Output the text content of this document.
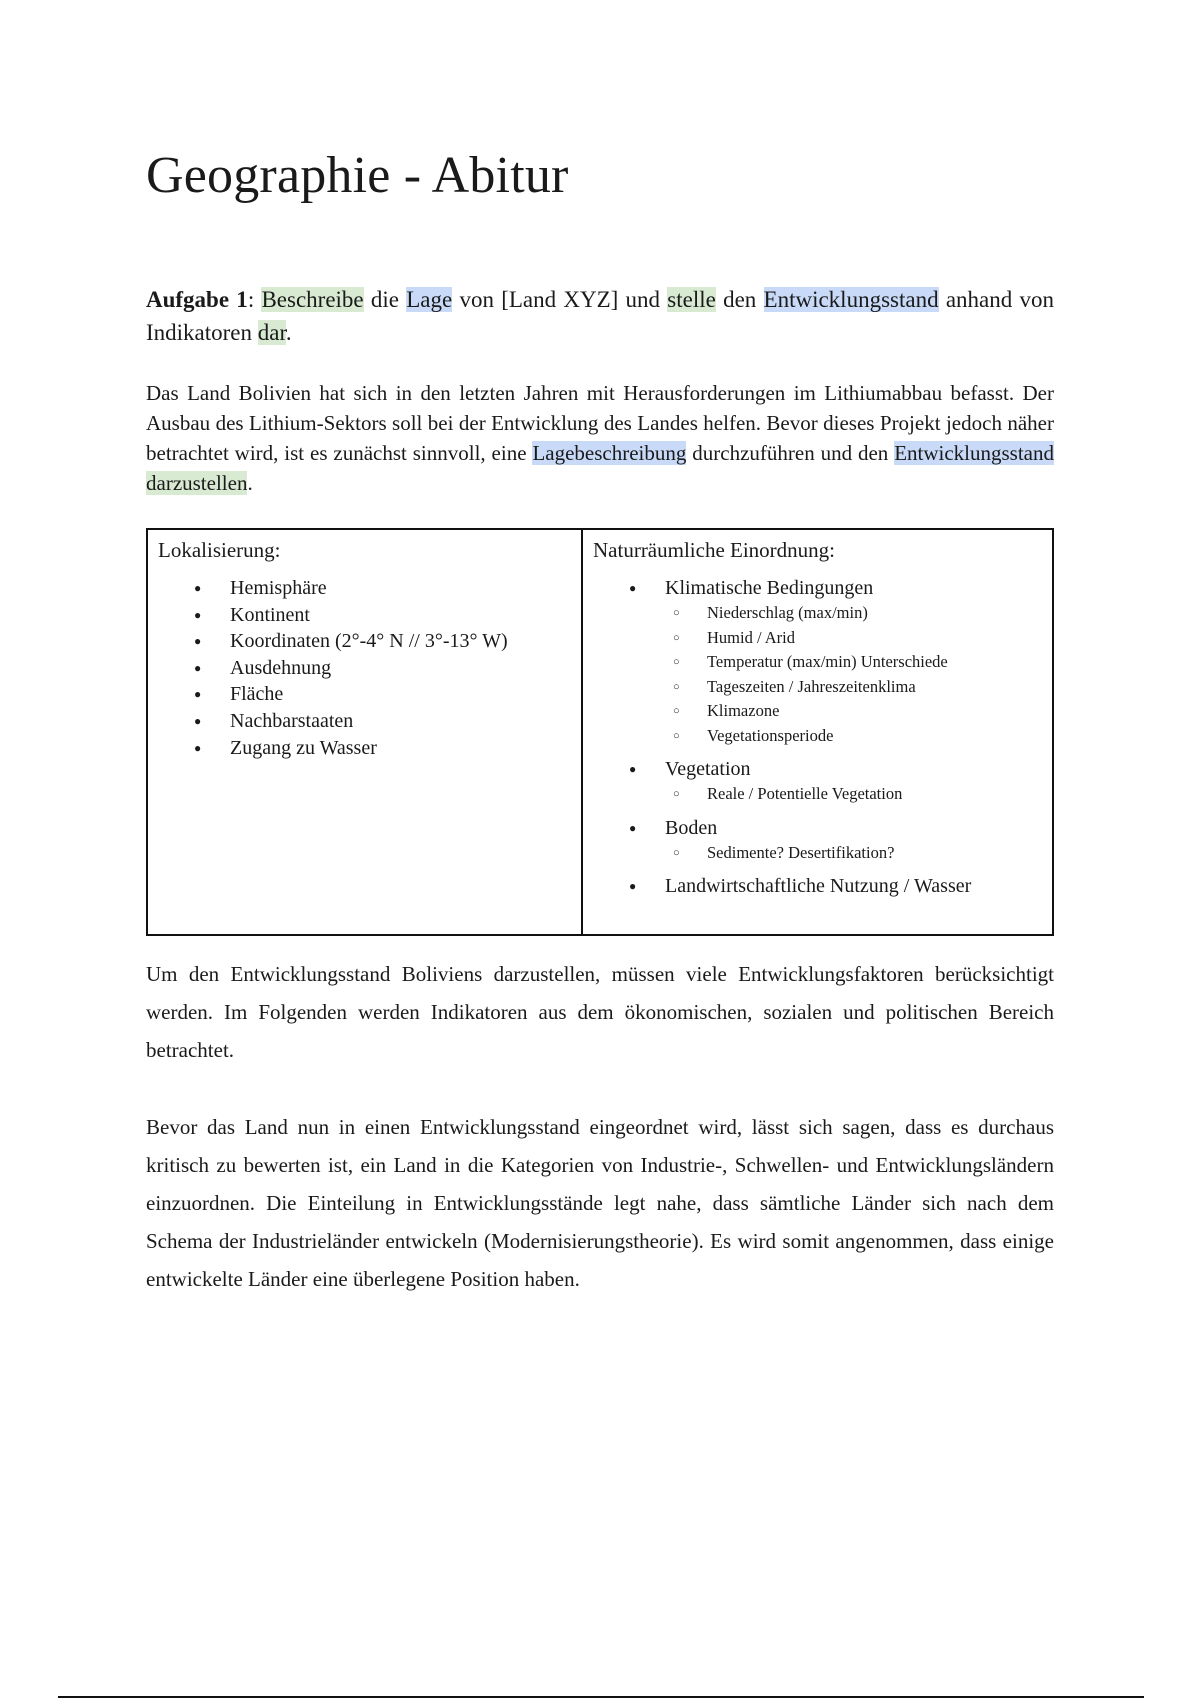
Geographie - Abitur
Aufgabe 1: Beschreibe die Lage von [Land XYZ] und stelle den Entwicklungsstand anhand von Indikatoren dar.
Das Land Bolivien hat sich in den letzten Jahren mit Herausforderungen im Lithiumabbau befasst. Der Ausbau des Lithium-Sektors soll bei der Entwicklung des Landes helfen. Bevor dieses Projekt jedoch näher betrachtet wird, ist es zunächst sinnvoll, eine Lagebeschreibung durchzuführen und den Entwicklungsstand darzustellen.
Lokalisierung:
● Hemisphäre
● Kontinent
● Koordinaten (2°-4° N // 3°-13° W)
● Ausdehnung
● Fläche
● Nachbarstaaten
● Zugang zu Wasser
Naturräumliche Einordnung:
● Klimatische Bedingungen
○ Niederschlag (max/min)
○ Humid / Arid
○ Temperatur (max/min) Unterschiede
○ Tageszeiten / Jahreszeitenklima
○ Klimazone
○ Vegetationsperiode
● Vegetation
○ Reale / Potentielle Vegetation
● Boden
○ Sedimente? Desertifikation?
● Landwirtschaftliche Nutzung / Wasser
Um den Entwicklungsstand Boliviens darzustellen, müssen viele Entwicklungsfaktoren berücksichtigt werden. Im Folgenden werden Indikatoren aus dem ökonomischen, sozialen und politischen Bereich betrachtet.
Bevor das Land nun in einen Entwicklungsstand eingeordnet wird, lässt sich sagen, dass es durchaus kritisch zu bewerten ist, ein Land in die Kategorien von Industrie-, Schwellen- und Entwicklungsländern einzuordnen. Die Einteilung in Entwicklungsstände legt nahe, dass sämtliche Länder sich nach dem Schema der Industrieländer entwickeln (Modernisierungstheorie). Es wird somit angenommen, dass einige entwickelte Länder eine überlegene Position haben.
